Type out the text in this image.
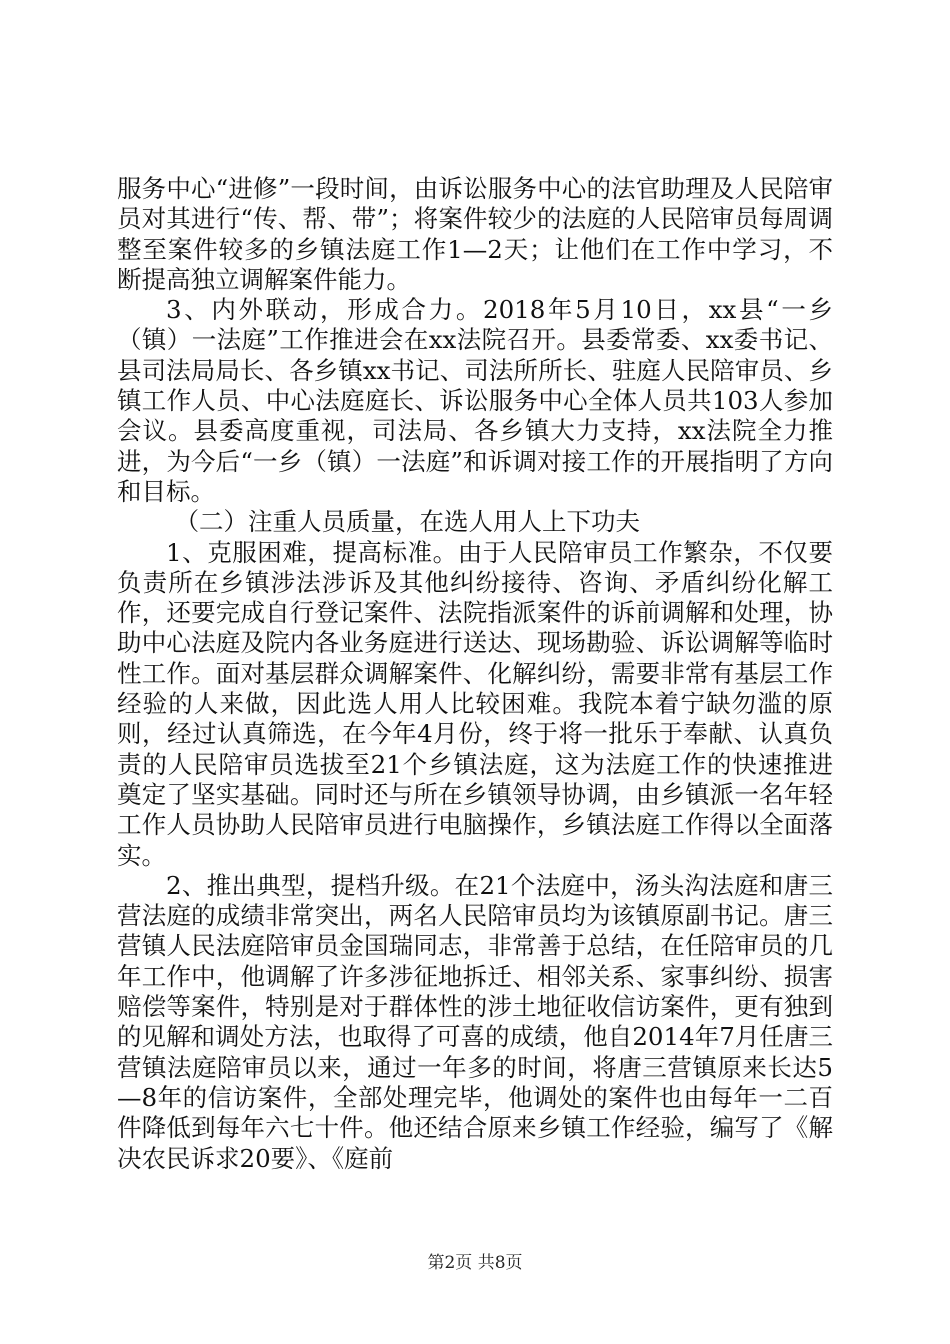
服务中心“进修”一段时间，由诉讼服务中心的法官助理及人民陪审员对其进行“传、帮、带”；将案件较少的法庭的人民陪审员每周调整至案件较多的乡镇法庭工作1—2天；让他们在工作中学习，不断提高独立调解案件能力。

3、内外联动，形成合力。2018年5月10日，xx县“一乡（镇）一法庭”工作推进会在xx法院召开。县委常委、xx委书记、县司法局局长、各乡镇xx书记、司法所所长、驻庭人民陪审员、乡镇工作人员、中心法庭庭长、诉讼服务中心全体人员共103人参加会议。县委高度重视，司法局、各乡镇大力支持，xx法院全力推进，为今后“一乡（镇）一法庭”和诉调对接工作的开展指明了方向和目标。

（二）注重人员质量，在选人用人上下功夫

1、克服困难，提高标准。由于人民陪审员工作繁杂，不仅要负责所在乡镇涉法涉诉及其他纠纷接待、咨询、矛盾纠纷化解工作，还要完成自行登记案件、法院指派案件的诉前调解和处理，协助中心法庭及院内各业务庭进行送达、现场勘验、诉讼调解等临时性工作。面对基层群众调解案件、化解纠纷，需要非常有基层工作经验的人来做，因此选人用人比较困难。我院本着宁缺勿滥的原则，经过认真筛选，在今年4月份，终于将一批乐于奉献、认真负责的人民陪审员选拔至21个乡镇法庭，这为法庭工作的快速推进奠定了坚实基础。同时还与所在乡镇领导协调，由乡镇派一名年轻工作人员协助人民陪审员进行电脑操作，乡镇法庭工作得以全面落实。

2、推出典型，提档升级。在21个法庭中，汤头沟法庭和唐三营法庭的成绩非常突出，两名人民陪审员均为该镇原副书记。唐三营镇人民法庭陪审员金国瑞同志，非常善于总结，在任陪审员的几年工作中，他调解了许多涉征地拆迁、相邻关系、家事纠纷、损害赔偿等案件，特别是对于群体性的涉土地征收信访案件，更有独到的见解和调处方法，也取得了可喜的成绩，他自2014年7月任唐三营镇法庭陪审员以来，通过一年多的时间，将唐三营镇原来长达5—8年的信访案件，全部处理完毕，他调处的案件也由每年一二百件降低到每年六七十件。他还结合原来乡镇工作经验，编写了《解决农民诉求20要》、《庭前

第2页 共8页
